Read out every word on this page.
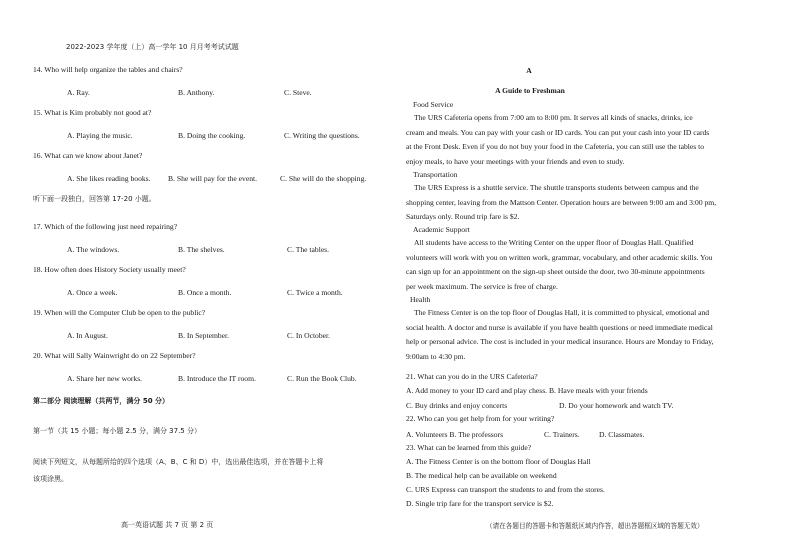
2022-2023 学年度（上）高一学年 10 月月考考试试题
14. Who will help organize the tables and chairs?
A. Ray.	B. Anthony.	C. Steve.
15. What is Kim probably not good at?
A. Playing the music.	B. Doing the cooking.	C. Writing the questions.
16. What can we know about Janet?
A. She likes reading books. B. She will pay for the event.	C. She will do the shopping.
听下面一段独白，回答第 17-20 小题。
17. Which of the following just need repairing?
A. The windows.	B. The shelves.	C. The tables.
18. How often does History Society usually meet?
A. Once a week.	B. Once a month.	C. Twice a month.
19. When will the Computer Club be open to the public?
A. In August.	B. In September.	C. In October.
20. What will Sally Wainwright do on 22 September?
A. Share her new works.	B. Introduce the IT room.	C. Run the Book Club.
第二部分 阅读理解（共两节，满分 50 分）
第一节（共 15 小题；每小题 2.5 分，满分 37.5 分）
阅读下列短文，从每题所给的四个选项（A、B、C 和 D）中，选出最佳选项，并在答题卡上将
该项涂黑。
A
A Guide to Freshman
Food Service
The URS Cafeteria opens from 7:00 am to 8:00 pm. It serves all kinds of snacks, drinks, ice
cream and meals. You can pay with your cash or ID cards. You can put your cash into your ID cards
at the Front Desk. Even if you do not buy your food in the Cafeteria, you can still use the tables to
enjoy meals, to have your meetings with your friends and even to study.
Transportation
The URS Express is a shuttle service. The shuttle transports students between campus and the
shopping center, leaving from the Mattson Center. Operation hours are between 9:00 am and 3:00 pm,
Saturdays only. Round trip fare is $2.
Academic Support
All students have access to the Writing Center on the upper floor of Douglas Hall. Qualified
volunteers will work with you on written work, grammar, vocabulary, and other academic skills. You
can sign up for an appointment on the sign-up sheet outside the door, two 30-minute appointments
per week maximum. The service is free of charge.
Health
The Fitness Center is on the top floor of Douglas Hall, it is committed to physical, emotional and
social health. A doctor and nurse is available if you have health questions or need immediate medical
help or personal advice. The cost is included in your medical insurance. Hours are Monday to Friday,
9:00am to 4:30 pm.
21. What can you do in the URS Cafeteria?
A. Add money to your ID card and play chess. B. Have meals with your friends
C. Buy drinks and enjoy concerts	D. Do your homework and watch TV.
22. Who can you get help from for your writing?
A. Volunteers B. The professors	C. Trainers.	D. Classmates.
23. What can be learned from this guide?
A. The Fitness Center is on the bottom floor of Douglas Hall
B. The medical help can be available on weekend
C. URS Express can transport the students to and from the stores.
D. Single trip fare for the transport service is $2.
高一英语试题 共 7 页 第 2 页	（请在各题目的答题卡和答题纸区域内作答，超出答题框区域的答题无效）
